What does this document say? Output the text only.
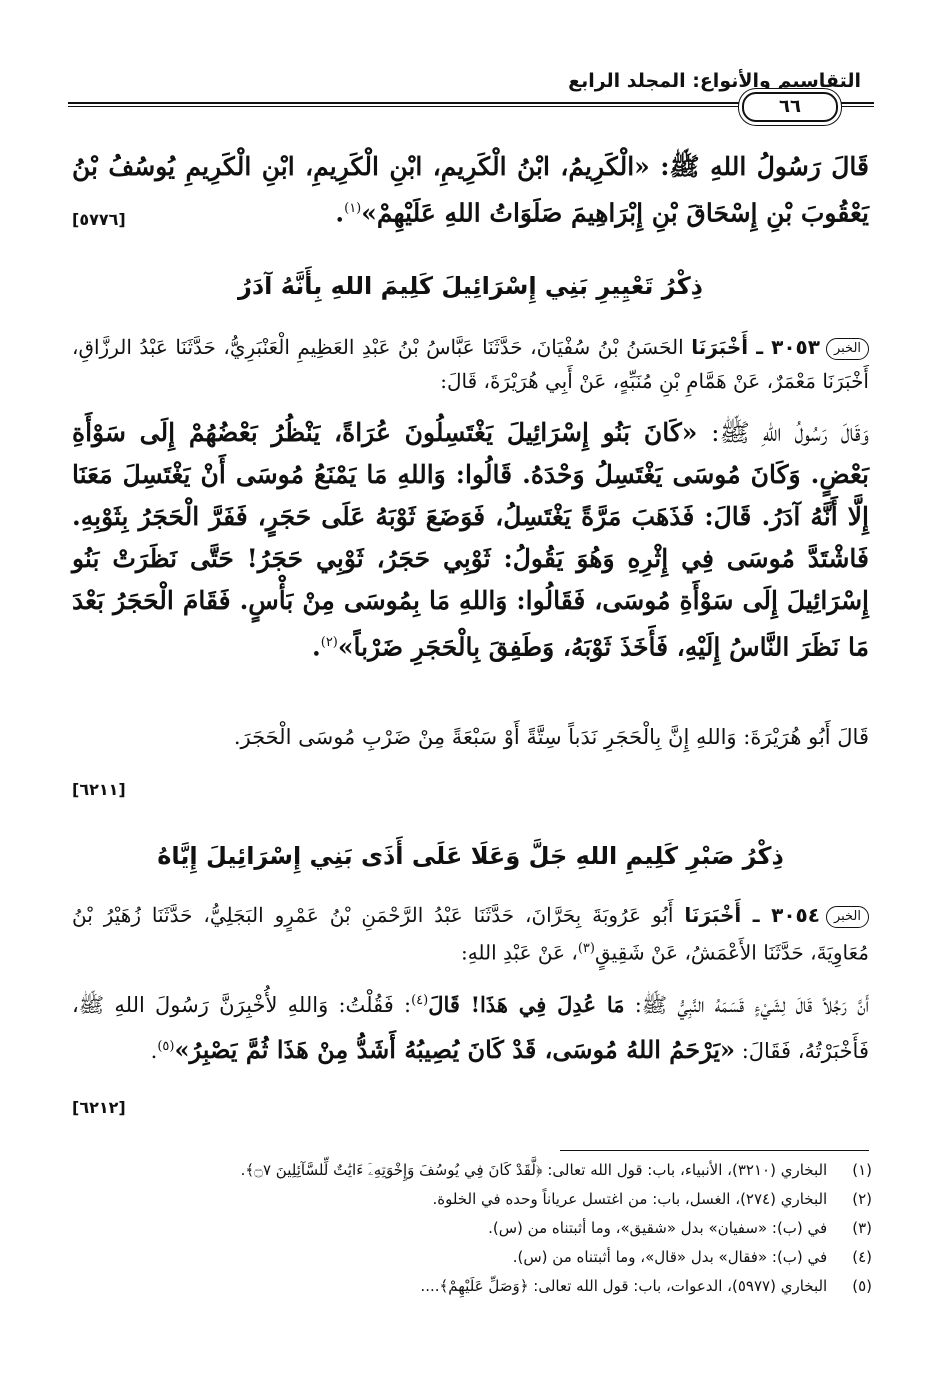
التقاسيم والأنواع: المجلد الرابع
٦٦
قَالَ رَسُولُ اللهِ ﷺ: «الْكَرِيمُ، ابْنُ الْكَرِيمِ، ابْنِ الْكَرِيمِ، ابْنِ الْكَرِيمِ يُوسُفُ بْنُ يَعْقُوبَ بْنِ إِسْحَاقَ بْنِ إِبْرَاهِيمَ صَلَوَاتُ اللهِ عَلَيْهِمْ»$^{(١)}$.
[٥٧٧٦]
ذِكْرُ تَعْيِيرِ بَنِي إِسْرَائِيلَ كَلِيمَ اللهِ بِأَنَّهُ آدَرُ
الخبر٣٠٥٣ ـ أَخْبَرَنَا الحَسَنُ بْنُ سُفْيَانَ، حَدَّثَنَا عَبَّاسُ بْنُ عَبْدِ العَظِيمِ الْعَنْبَرِيُّ، حَدَّثَنَا عَبْدُ الرزَّاقِ، أَخْبَرَنَا مَعْمَرٌ، عَنْ هَمَّامِ بْنِ مُنَبِّهٍ، عَنْ أَبِي هُرَيْرَةَ، قَالَ:
وَقَالَ رَسُولُ اللهِ ﷺ: «كَانَ بَنُو إِسْرَائِيلَ يَغْتَسِلُونَ عُرَاةً، يَنْظُرُ بَعْضُهُمْ إِلَى سَوْأَةِ بَعْضٍ. وَكَانَ مُوسَى يَغْتَسِلُ وَحْدَهُ. قَالُوا: وَاللهِ مَا يَمْنَعُ مُوسَى أَنْ يَغْتَسِلَ مَعَنَا إِلَّا أَنَّهُ آدَرُ. قَالَ: فَذَهَبَ مَرَّةً يَغْتَسِلُ، فَوَضَعَ ثَوْبَهُ عَلَى حَجَرٍ، فَفَرَّ الْحَجَرُ بِثَوْبِهِ. فَاشْتَدَّ مُوسَى فِي إِثْرِهِ وَهُوَ يَقُولُ: ثَوْبِي حَجَرُ، ثَوْبِي حَجَرُ! حَتَّى نَظَرَتْ بَنُو إِسْرَائِيلَ إِلَى سَوْأَةِ مُوسَى، فَقَالُوا: وَاللهِ مَا بِمُوسَى مِنْ بَأْسٍ. فَقَامَ الْحَجَرُ بَعْدَ مَا نَظَرَ النَّاسُ إِلَيْهِ، فَأَخَذَ ثَوْبَهُ، وَطَفِقَ بِالْحَجَرِ ضَرْباً»$^{(٢)}$.
قَالَ أَبُو هُرَيْرَةَ: وَاللهِ إِنَّ بِالْحَجَرِ نَدَباً سِتَّةً أَوْ سَبْعَةً مِنْ ضَرْبِ مُوسَى الْحَجَرَ.
[٦٢١١]
ذِكْرُ صَبْرِ كَلِيمِ اللهِ جَلَّ وَعَلَا عَلَى أَذَى بَنِي إِسْرَائِيلَ إِيَّاهُ
الخبر٣٠٥٤ ـ أَخْبَرَنَا أَبُو عَرُوبَةَ بِحَرَّانَ، حَدَّثَنَا عَبْدُ الرَّحْمَنِ بْنُ عَمْرٍو البَجَلِيُّ، حَدَّثَنَا زُهَيْرُ بْنُ مُعَاوِيَةَ، حَدَّثَنَا الأَعْمَشُ، عَنْ شَقِيقٍ$^{(٣)}$، عَنْ عَبْدِ اللهِ:
أَنَّ رَجُلاً قَالَ لِشَيْءٍ قَسَمَهُ النَّبِيُّ ﷺ: مَا عُدِلَ فِي هَذَا! قَالَ$^{(٤)}$: فَقُلْتُ: وَاللهِ لأُخْبِرَنَّ رَسُولَ اللهِ ﷺ، فَأَخْبَرْتُهُ، فَقَالَ: «يَرْحَمُ اللهُ مُوسَى، قَدْ كَانَ يُصِيبُهُ أَشَدُّ مِنْ هَذَا ثُمَّ يَصْبِرُ»$^{(٥)}$.
[٦٢١٢]
(١) البخاري (٣٢١٠)، الأنبياء، باب: قول الله تعالى: ﴿لَّقَدْ كَانَ فِي يُوسُفَ وَإِخْوَتِهِۦٓ ءَايَٰتٌ لِّلسَّآئِلِينَ ۝٧﴾.
(٢) البخاري (٢٧٤)، الغسل، باب: من اغتسل عرياناً وحده في الخلوة.
(٣) في (ب): «سفيان» بدل «شقيق»، وما أثبتناه من (س).
(٤) في (ب): «فقال» بدل «قال»، وما أثبتناه من (س).
(٥) البخاري (٥٩٧٧)، الدعوات، باب: قول الله تعالى: ﴿وَصَلِّ عَلَيْهِمْ﴾....
